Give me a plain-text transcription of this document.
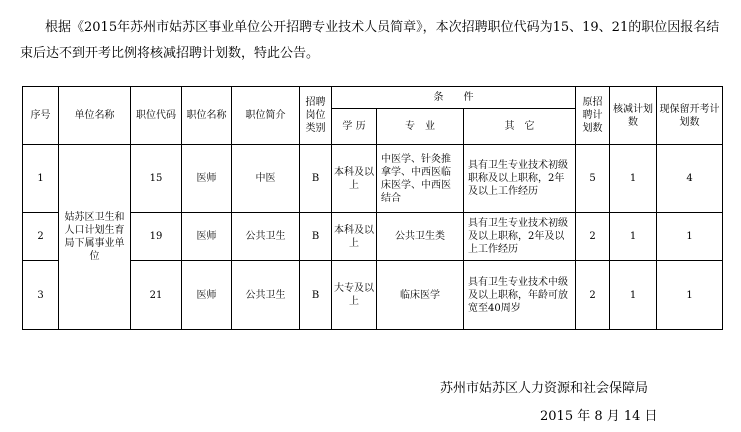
根据《2015年苏州市姑苏区事业单位公开招聘专业技术人员简章》，本次招聘职位代码为15、19、21的职位因报名结束后达不到开考比例将核减招聘计划数，特此公告。
序号	单位名称	职位代码	职位名称	职位简介	招聘岗位类别	条　　件			原招聘计划数	核减计划数	现保留开考计划数
						学 历	专　业	其　它			
1	姑苏区卫生和人口计划生育局下属事业单位	15	医师	中医	B	本科及以上	中医学、针灸推拿学、中西医临床医学、中西医结合	具有卫生专业技术初级职称及以上职称，2年及以上工作经历	5	1	4
2		19	医师	公共卫生	B	本科及以上	公共卫生类	具有卫生专业技术初级及以上职称，2年及以上工作经历	2	1	1
3		21	医师	公共卫生	B	大专及以上	临床医学	具有卫生专业技术中级及以上职称，年龄可放宽至40周岁	2	1	1
苏州市姑苏区人力资源和社会保障局
2015 年 8 月 14 日
